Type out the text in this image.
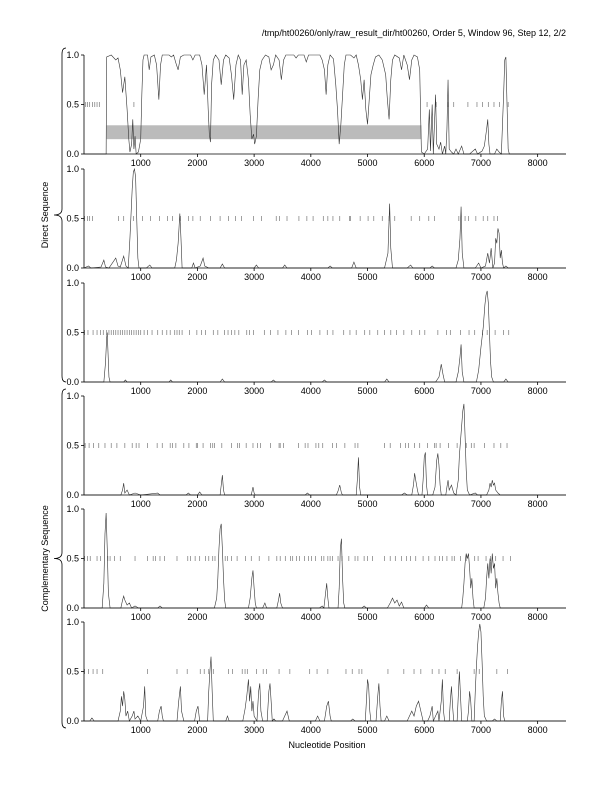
/tmp/ht00260/only/raw_result_dir/ht00260, Order 5, Window 96, Step 12, 2/2
0.0
0.5
1.0
1000	2000	3000	4000	5000	6000	7000	8000
0.0
0.5
1.0
1000	2000	3000	4000	5000	6000	7000	8000
0.0
0.5
1.0
1000	2000	3000	4000	5000	6000	7000	8000
0.0
0.5
1.0
1000	2000	3000	4000	5000	6000	7000	8000
0.0
0.5
1.0
1000	2000	3000	4000	5000	6000	7000	8000
0.0
0.5
1.0
1000	2000	3000	4000	5000	6000	7000	8000
Direct Sequence
Complementary Sequence
Nucleotide Position
